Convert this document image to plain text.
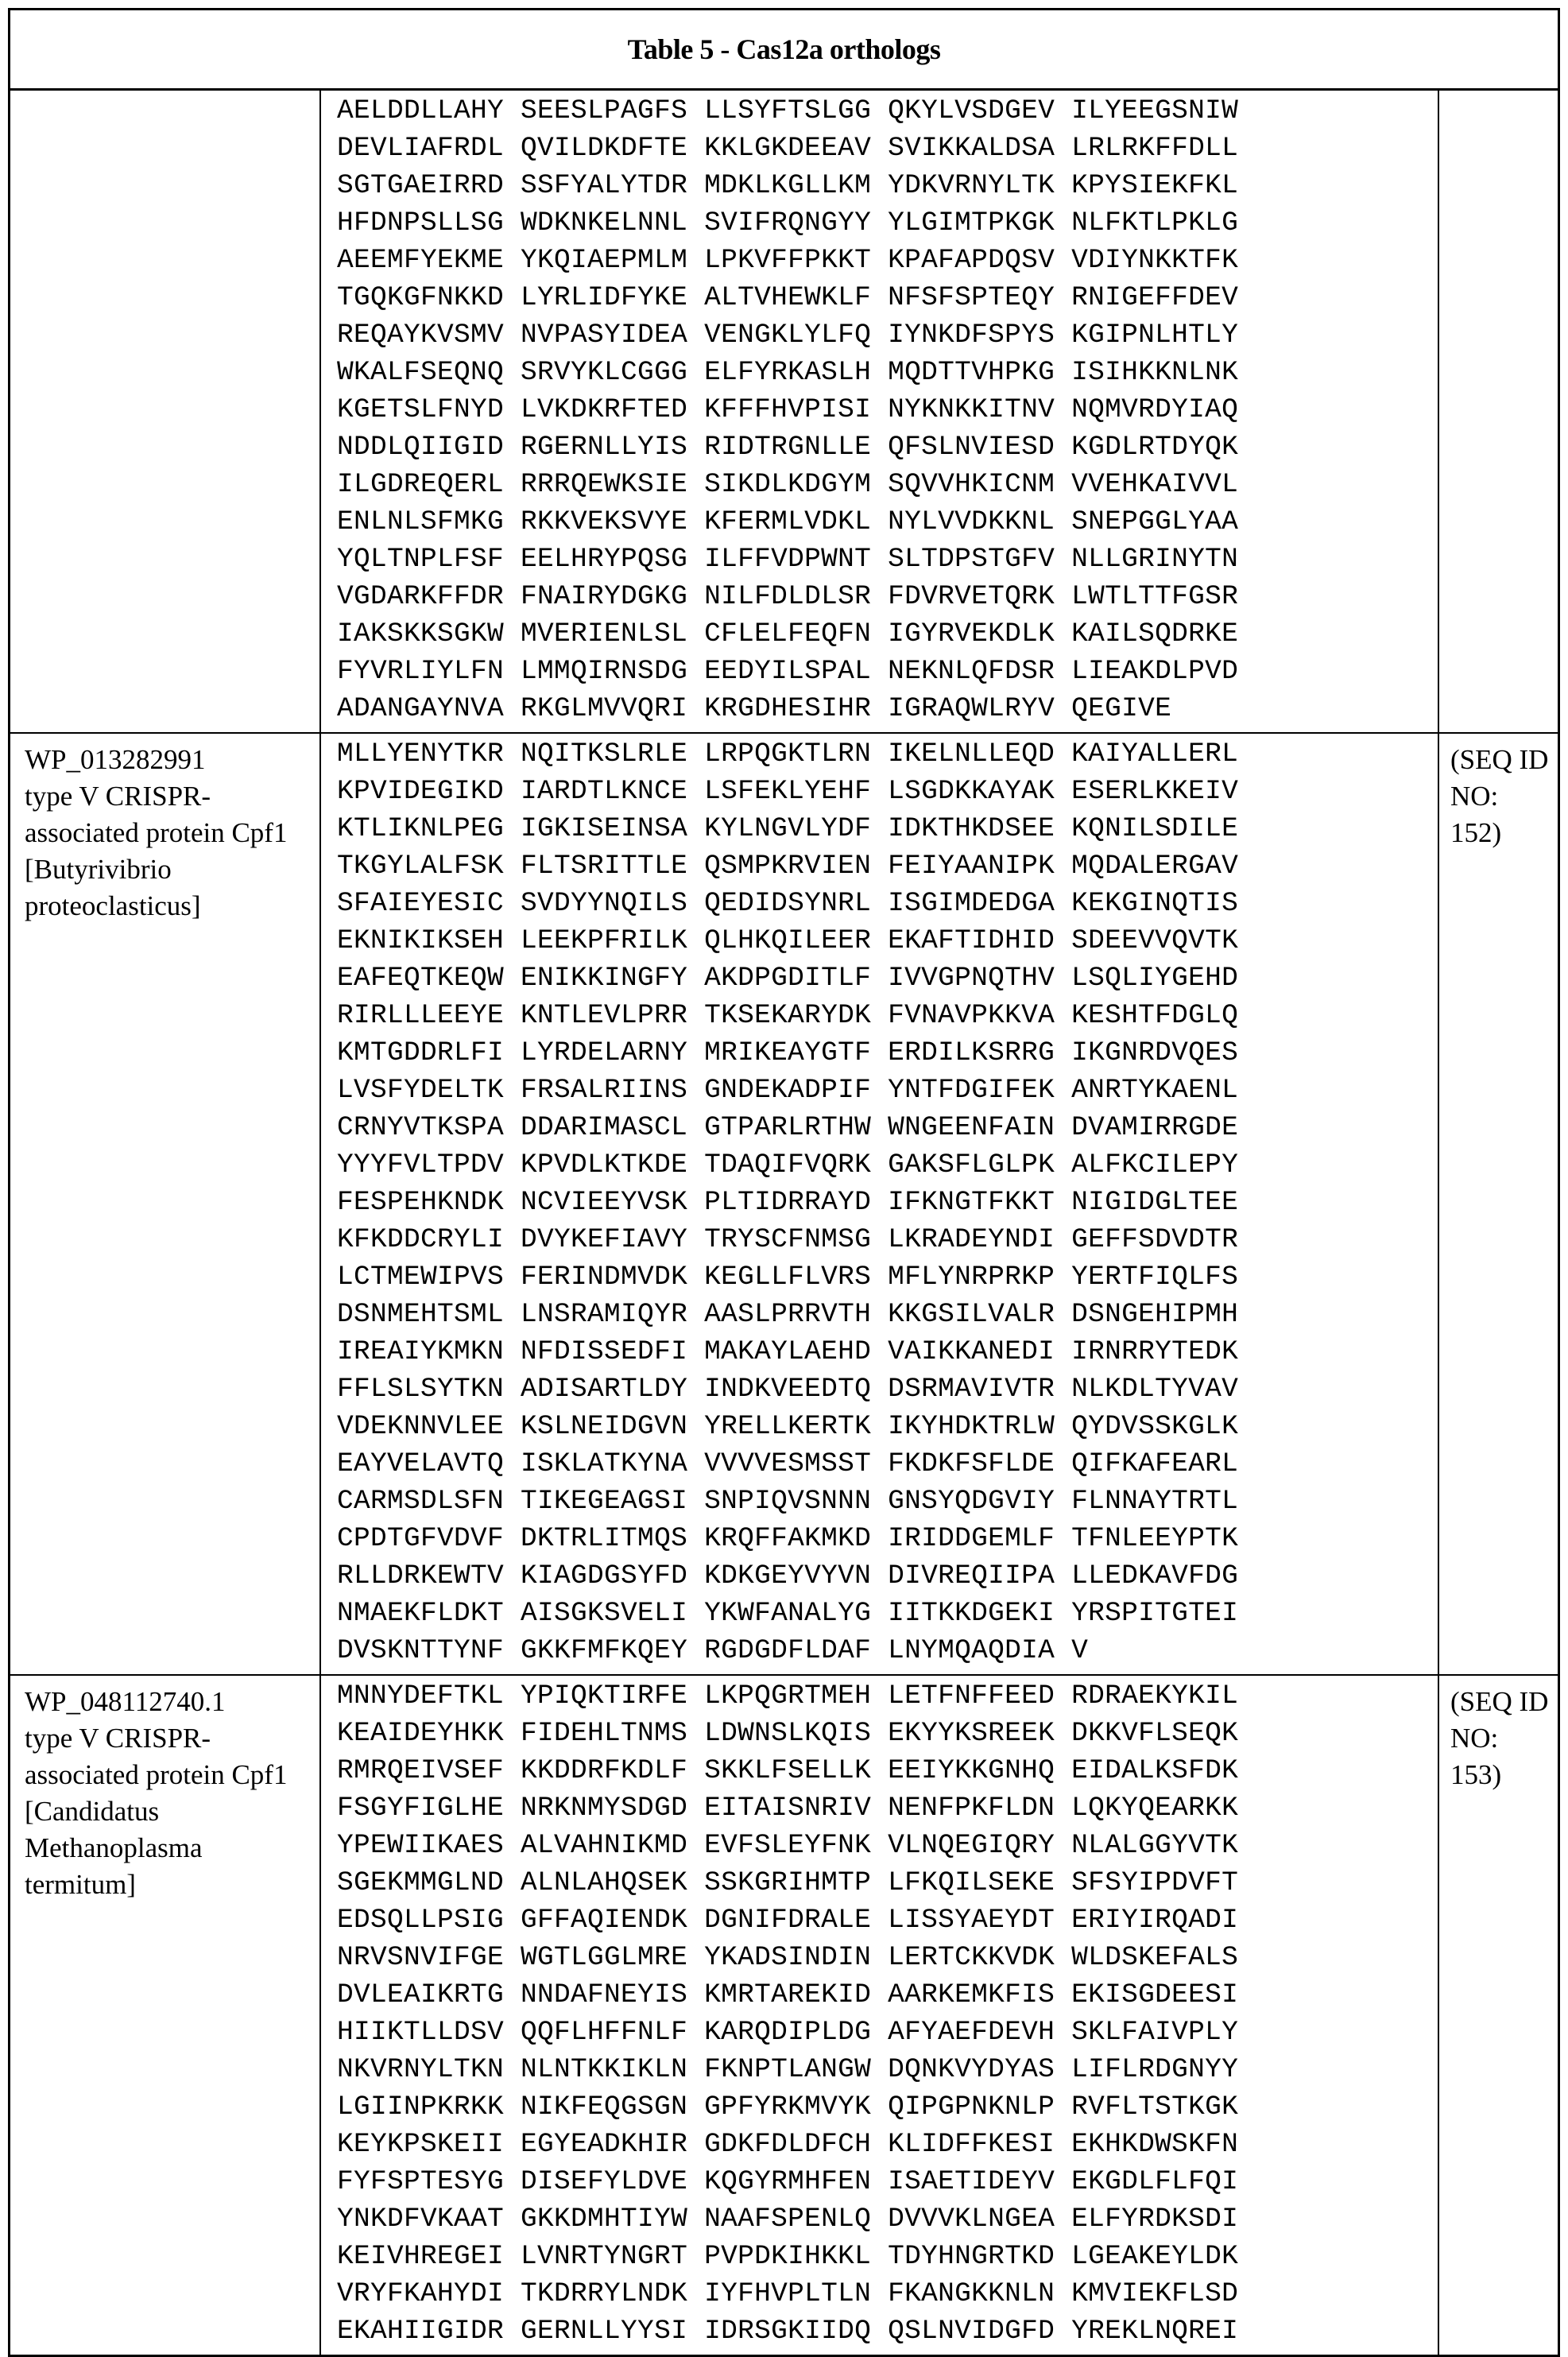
Table 5 - Cas12a orthologs
AELDDLLAHY SEESLPAGFS LLSYFTSLGG QKYLVSDGEV ILYEEGSNIW
DEVLIAFRDL QVILDKDFTE KKLGKDEEAV SVIKKALDSA LRLRKFFDLL
SGTGAEIRRD SSFYALYTDR MDKLKGLLKM YDKVRNYLTK KPYSIEKFKL
HFDNPSLLSG WDKNKELNNL SVIFRQNGYY YLGIMTPKGK NLFKTLPKLG
AEEMFYEKME YKQIAEPMLM LPKVFFPKKT KPAFAPDQSV VDIYNKKTFK
TGQKGFNKKD LYRLIDFYKE ALTVHEWKLF NFSFSPTEQY RNIGEFFDEV
REQAYKVSMV NVPASYIDEA VENGKLYLFQ IYNKDFSPYS KGIPNLHTLY
WKALFSEQNQ SRVYKLCGGG ELFYRKASLH MQDTTVHPKG ISIHKKNLNK
KGETSLFNYD LVKDKRFTED KFFFHVPISI NYKNKKITNV NQMVRDYIAQ
NDDLQIIGID RGERNLLYIS RIDTRGNLLE QFSLNVIESD KGDLRTDYQK
ILGDREQERL RRRQEWKSIE SIKDLKDGYM SQVVHKICNM VVEHKAIVVL
ENLNLSFMKG RKKVEKSVYE KFERMLVDKL NYLVVDKKNL SNEPGGLYAA
YQLTNPLFSF EELHRYPQSG ILFFVDPWNT SLTDPSTGFV NLLGRINYTN
VGDARKFFDR FNAIRYDGKG NILFDLDLSR FDVRVETQRK LWTLTTFGSR
IAKSKKSGKW MVERIENLSL CFLELFEQFN IGYRVEKDLK KAILSQDRKE
FYVRLIYLFN LMMQIRNSDG EEDYILSPAL NEKNLQFDSR LIEAKDLPVD
ADANGAYNVA RKGLMVVQRI KRGDHESIHR IGRAQWLRYV QEGIVE
WP_013282991
type V CRISPR-associated protein Cpf1 [Butyrivibrio proteoclasticus]
MLLYENYTKR NQITKSLRLE LRPQGKTLRN IKELNLLEQD KAIYALLERL
KPVIDEGIKD IARDTLKNCE LSFEKLYEHF LSGDKKAYAK ESERLKKEIV
KTLIKNLPEG IGKISEINSA KYLNGVLYDF IDKTHKDSEE KQNILSDILE
TKGYLALFSK FLTSRITTLE QSMPKRVIEN FEIYAANIPK MQDALERGAV
SFAIEYESIC SVDYYNQILS QEDIDSYNRL ISGIMDEDGA KEKGINQTIS
EKNIKIKSEH LEEKPFRILK QLHKQILEER EKAFTIDHID SDEEVVQVTK
EAFEQTKEQW ENIKKINGFY AKDPGDITLF IVVGPNQTHV LSQLIYGEHD
RIRLLLEEYE KNTLEVLPRR TKSEKARYDK FVNAVPKKVA KESHTFDGLQ
KMTGDDRLFI LYRDELARNY MRIKEAYGTF ERDILKSRRG IKGNRDVQES
LVSFYDELTK FRSALRIINS GNDEKADPIF YNTFDGIFEK ANRTYKAENL
CRNYVTKSPA DDARIMASCL GTPARLRTHW WNGEENFAIN DVAMIRRGDE
YYYFVLTPDV KPVDLKTKDE TDAQIFVQRK GAKSFLGLPK ALFKCILEPY
FESPEHKNDK NCVIEEYVSK PLTIDRRAYD IFKNGTFKKT NIGIDGLTEE
KFKDDCRYLI DVYKEFIAVY TRYSCFNMSG LKRADEYNDI GEFFSDVDTR
LCTMEWIPVS FERINDMVDK KEGLLFLVRS MFLYNRPRKP YERTFIQLFS
DSNMEHTSML LNSRAMIQYR AASLPRRVTH KKGSILVALR DSNGEHIPMH
IREAIYKMKN NFDISSEDFI MAKAYLAEHD VAIKKANEDI IRNRRYTEDK
FFLSLSYTKN ADISARTLDY INDKVEEDTQ DSRMAVIVTR NLKDLTYVAV
VDEKNNVLEE KSLNEIDGVN YRELLKERTK IKYHDKTRLW QYDVSSKGLK
EAYVELAVTQ ISKLATKYNA VVVVESMSST FKDKFSFLDE QIFKAFEARL
CARMSDLSFN TIKEGEAGSI SNPIQVSNNN GNSYQDGVIY FLNNAYTRTL
CPDTGFVDVF DKTRLITMQS KRQFFAKMKD IRIDDGEMLF TFNLEEYPTK
RLLDRKEWTV KIAGDGSYFD KDKGEYVYVN DIVREQIIPA LLEDKAVFDG
NMAEKFLDKT AISGKSVELI YKWFANALYG IITKKDGEKI YRSPITGTEI
DVSKNTTYNF GKKFMFKQEY RGDGDFLDAF LNYMQAQDIA V
(SEQ ID NO: 152)
WP_048112740.1
type V CRISPR-associated protein Cpf1 [Candidatus Methanoplasma termitum]
MNNYDEFTKL YPIQKTIRFE LKPQGRTMEH LETFNFFEED RDRAEKYKIL
KEAIDEYHKK FIDEHLTNMS LDWNSLKQIS EKYYKSREEK DKKVFLSEQK
RMRQEIVSEF KKDDRFKDLF SKKLFSELLK EEIYKKGNHQ EIDALKSFDK
FSGYFIGLHE NRKNMYSDGD EITAISNRIV NENFPKFLDN LQKYQEARKK
YPEWIIKAES ALVAHNIKMD EVFSLEYFNK VLNQEGIQRY NLALGGYVTK
SGEKMMGLND ALNLAHQSEK SSKGRIHMTP LFKQILSEKE SFSYIPDVFT
EDSQLLPSIG GFFAQIENDK DGNIFDRALE LISSYAEYDT ERIYIRQADI
NRVSNVIFGE WGTLGGLMRE YKADSINDIN LERTCKKVDK WLDSKEFALS
DVLEAIKRTG NNDAFNEYIS KMRTAREKID AARKEMKFIS EKISGDEESI
HIIKTLLDSV QQFLHFFNLF KARQDIPLDG AFYAEFDEVH SKLFAIVPLY
NKVRNYLTKN NLNTKKIKLN FKNPTLANGW DQNKVYDYAS LIFLRDGNYY
LGIINPKRKK NIKFEQGSGN GPFYRKMVYK QIPGPNKNLP RVFLTSTKGK
KEYKPSKEII EGYEADKHIR GDKFDLDFCH KLIDFFKESI EKHKDWSKFN
FYFSPTESYG DISEFYLDVE KQGYRMHFEN ISAETIDEYV EKGDLFLFQI
YNKDFVKAAT GKKDMHTIYW NAAFSPENLQ DVVVKLNGEA ELFYRDKSDI
KEIVHREGEI LVNRTYNGRT PVPDKIHKKL TDYHNGRTKD LGEAKEYLDK
VRYFKAHYDI TKDRRYLNDK IYFHVPLTLN FKANGKKNLN KMVIEKFLSD
EKAHIIGIDR GERNLLYYSI IDRSGKIIDQ QSLNVIDGFD YREKLNQREI
(SEQ ID NO: 153)
